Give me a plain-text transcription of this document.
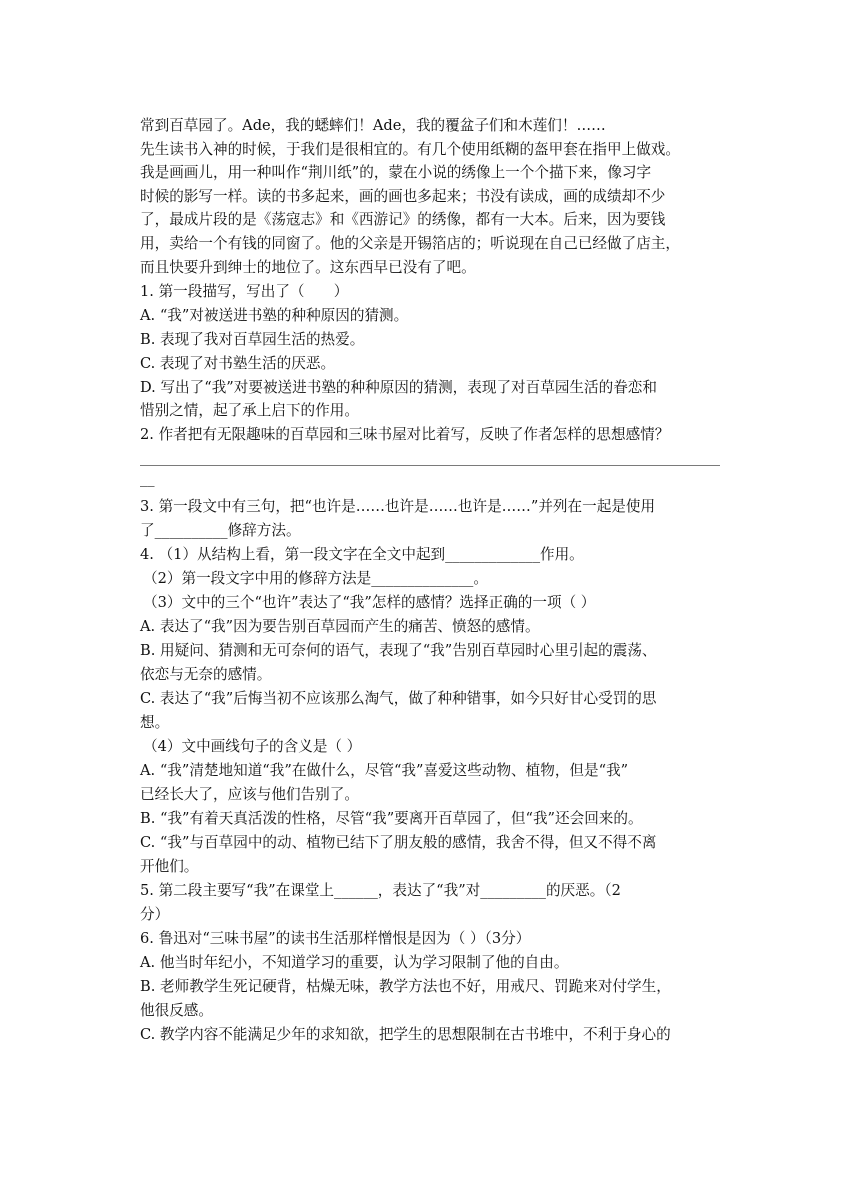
常到百草园了。Ade，我的蟋蟀们！Ade，我的覆盆子们和木莲们！……
先生读书入神的时候，于我们是很相宜的。有几个使用纸糊的盔甲套在指甲上做戏。
我是画画儿，用一种叫作“荆川纸”的，蒙在小说的绣像上一个个描下来，像习字
时候的影写一样。读的书多起来，画的画也多起来；书没有读成，画的成绩却不少
了，最成片段的是《荡寇志》和《西游记》的绣像，都有一大本。后来，因为要钱
用，卖给一个有钱的同窗了。他的父亲是开锡箔店的；听说现在自己已经做了店主，
而且快要升到绅士的地位了。这东西早已没有了吧。
1. 第一段描写，写出了（　　）
A. “我”对被送进书塾的种种原因的猜测。
B. 表现了我对百草园生活的热爱。
C. 表现了对书塾生活的厌恶。
D. 写出了“我”对要被送进书塾的种种原因的猜测，表现了对百草园生活的眷恋和
惜别之情，起了承上启下的作用。
2. 作者把有无限趣味的百草园和三味书屋对比着写，反映了作者怎样的思想感情？
__
3. 第一段文中有三句，把“也许是……也许是……也许是……”并列在一起是使用
了__________修辞方法。
4. （1）从结构上看，第一段文字在全文中起到_____________作用。
（2）第一段文字中用的修辞方法是______________。
（3）文中的三个“也许”表达了“我”怎样的感情？选择正确的一项（ ）
A. 表达了“我”因为要告别百草园而产生的痛苦、愤怒的感情。
B. 用疑问、猜测和无可奈何的语气，表现了“我”告别百草园时心里引起的震荡、
依恋与无奈的感情。
C. 表达了“我”后悔当初不应该那么淘气，做了种种错事，如今只好甘心受罚的思
想。
（4）文中画线句子的含义是（ ）
A. “我”清楚地知道“我”在做什么，尽管“我”喜爱这些动物、植物，但是“我”
已经长大了，应该与他们告别了。
B. “我”有着天真活泼的性格，尽管“我”要离开百草园了，但“我”还会回来的。
C. “我”与百草园中的动、植物已结下了朋友般的感情，我舍不得，但又不得不离
开他们。
5. 第二段主要写“我”在课堂上______，表达了“我”对_________的厌恶。（2
分）
6. 鲁迅对“三味书屋”的读书生活那样憎恨是因为（ ）（3分）
A. 他当时年纪小，不知道学习的重要，认为学习限制了他的自由。
B. 老师教学生死记硬背，枯燥无味，教学方法也不好，用戒尺、罚跪来对付学生，
他很反感。
C. 教学内容不能满足少年的求知欲，把学生的思想限制在古书堆中，不利于身心的
